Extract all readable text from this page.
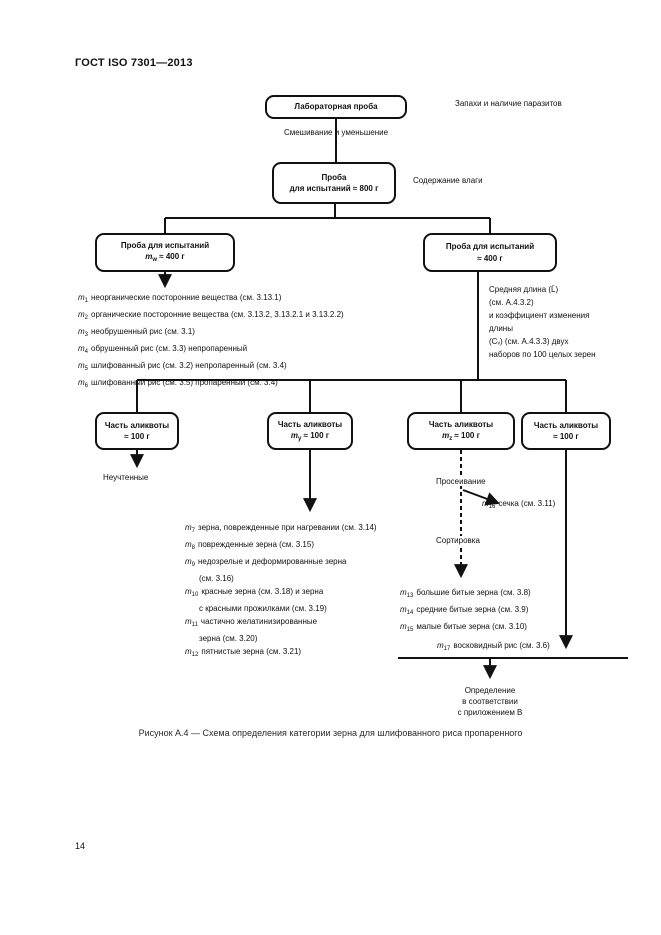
ГОСТ ISO 7301—2013
14
Рисунок А.4 — Схема определения категории зерна для шлифованного риса пропаренного
Лабораторная проба	Запахи и наличие паразитов
Смешивание и уменьшение
Проба
для испытаний ≈ 800 г
Содержание влаги
Проба для испытаний
$m_w \approx 400$ г
Проба для испытаний
≈ 400 г
$m_1$ неорганические посторонние вещества (см. 3.13.1)
$m_2$ органические посторонние вещества (см. 3.13.2, 3.13.2.1 и 3.13.2.2)
$m_3$ необрушенный рис (см. 3.1)
$m_4$ обрушенный рис (см. 3.3) непропаренный
$m_5$ шлифованный рис (см. 3.2) непропаренный (см. 3.4)
$m_6$ шлифованный рис (см. 3.5) пропаренный (см. 3.4)
Средняя длина (L̄)
(см. А.4.3.2)
и коэффициент изменения
длины
(Cᵥ) (см. А.4.3.3) двух
наборов по 100 целых зерен
Часть аликвоты
≈ 100 г
Часть аликвоты
$m_y \approx 100$ г
Часть аликвоты
$m_z \approx 100$ г
Часть аликвоты
≈ 100 г
Неучтенные
$m_7$ зерна, поврежденные при нагревании (см. 3.14)
$m_8$ поврежденные зерна (см. 3.15)
$m_9$ недозрелые и деформированные зерна
(см. 3.16)
$m_{10}$ красные зерна (см. 3.18) и зерна
с красными прожилками (см. 3.19)
$m_{11}$ частично желатинизированные
зерна (см. 3.20)
$m_{12}$ пятнистые зерна (см. 3.21)
Просеивание
$m_{16}$ сечка (см. 3.11)
Сортировка
$m_{13}$ большие битые зерна (см. 3.8)
$m_{14}$ средние битые зерна (см. 3.9)
$m_{15}$ малые битые зерна (см. 3.10)
$m_{17}$ восковидный рис (см. 3.6)
Определение
в соответствии
с приложением В
